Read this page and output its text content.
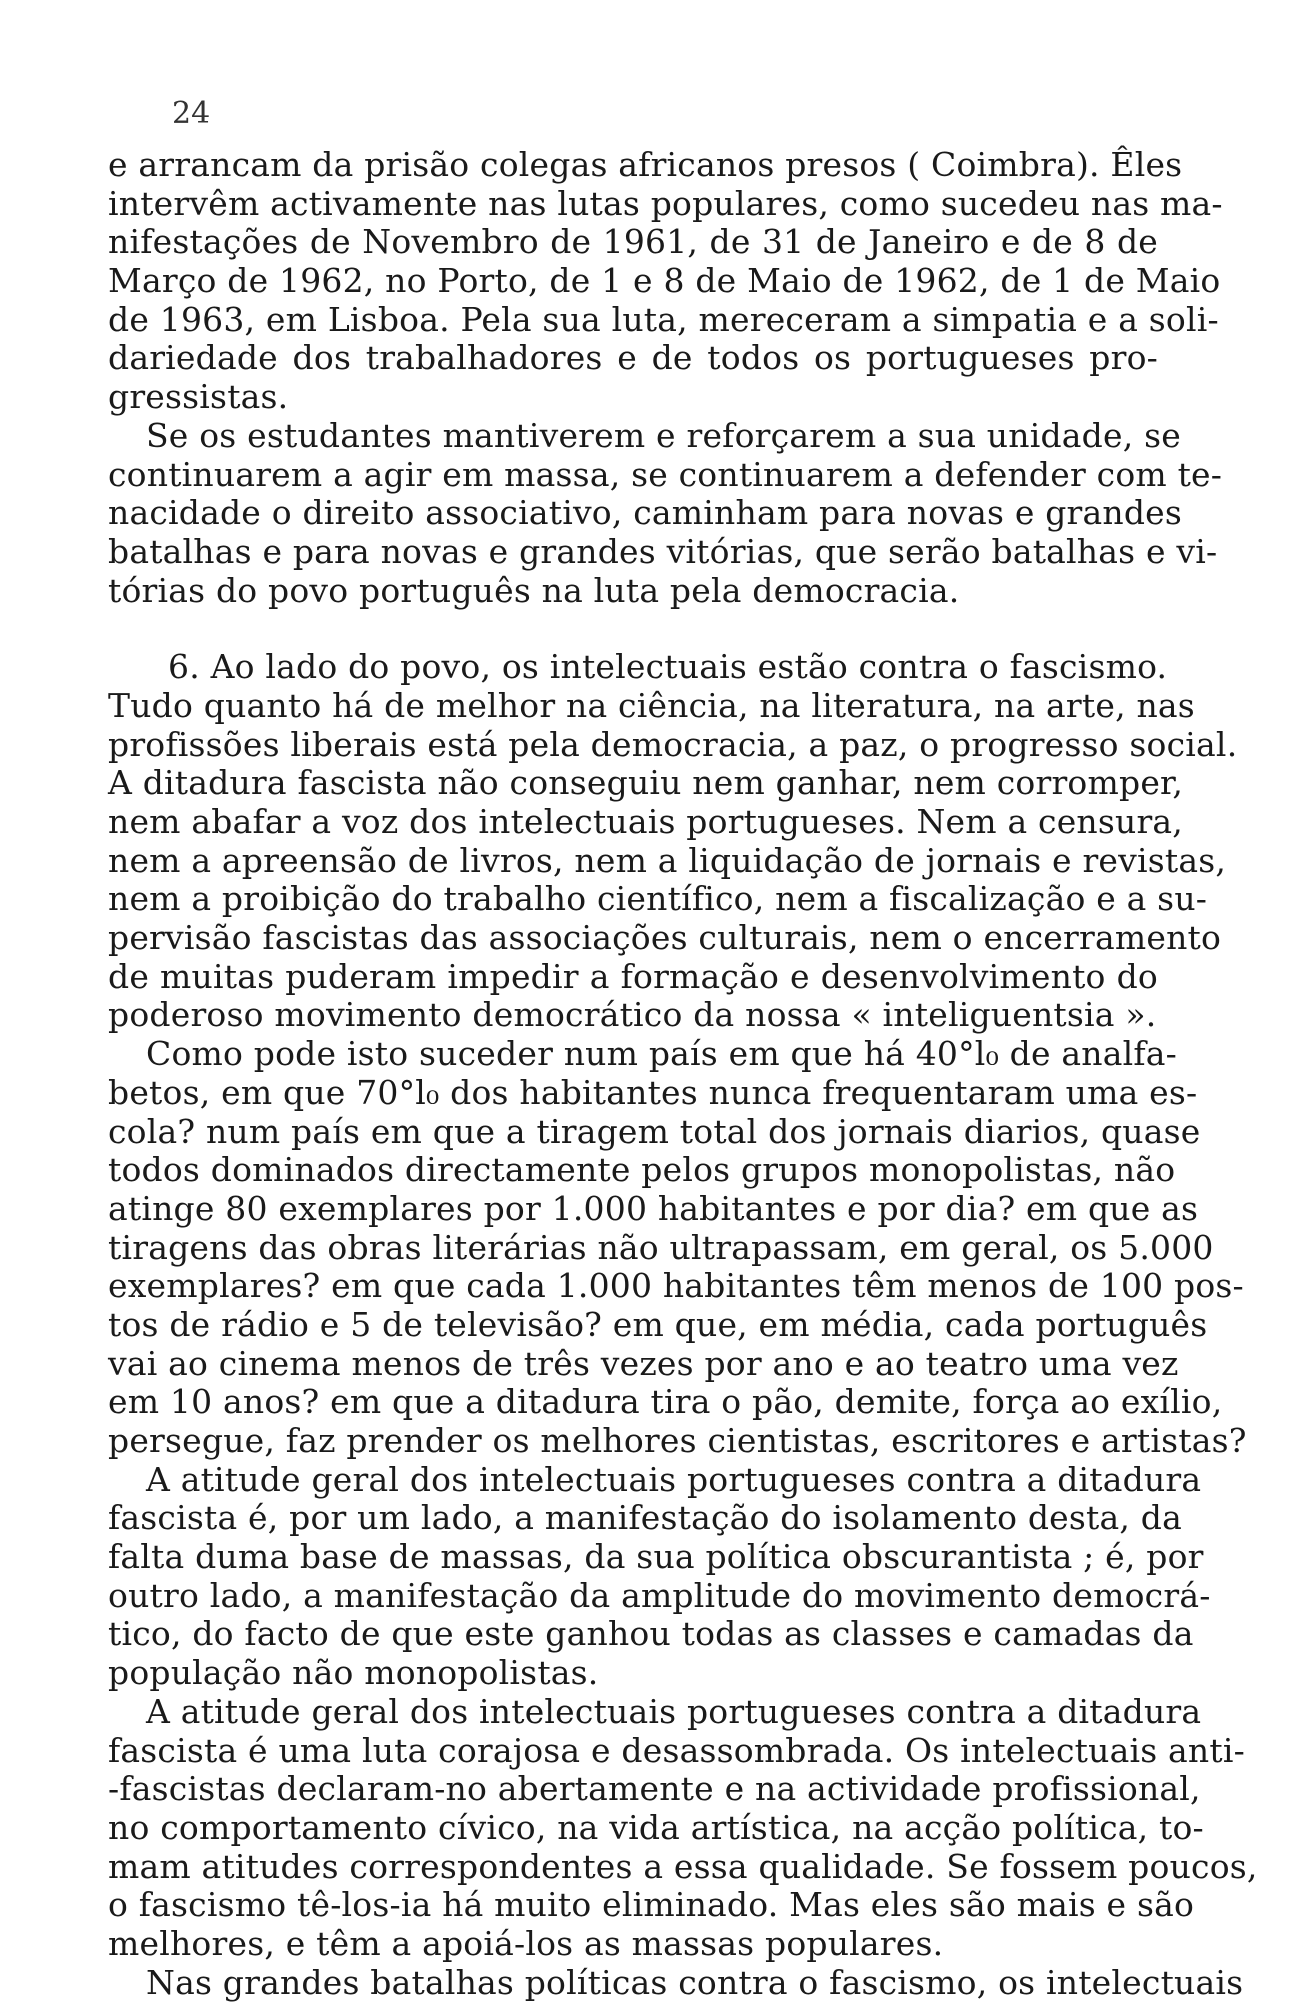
24
e arrancam da prisão colegas africanos presos ( Coimbra). Êles
intervêm activamente nas lutas populares, como sucedeu nas ma-
nifestações de Novembro de 1961, de 31 de Janeiro e de 8 de
Março de 1962, no Porto, de 1 e 8 de Maio de 1962, de 1 de Maio
de 1963, em Lisboa. Pela sua luta, mereceram a simpatia e a soli-
dariedade dos trabalhadores e de todos os portugueses pro-
gressistas.
Se os estudantes mantiverem e reforçarem a sua unidade, se
continuarem a agir em massa, se continuarem a defender com te-
nacidade o direito associativo, caminham para novas e grandes
batalhas e para novas e grandes vitórias, que serão batalhas e vi-
tórias do povo português na luta pela democracia.
6. Ao lado do povo, os intelectuais estão contra o fascismo.
Tudo quanto há de melhor na ciência, na literatura, na arte, nas
profissões liberais está pela democracia, a paz, o progresso social.
A ditadura fascista não conseguiu nem ganhar, nem corromper,
nem abafar a voz dos intelectuais portugueses. Nem a censura,
nem a apreensão de livros, nem a liquidação de jornais e revistas,
nem a proibição do trabalho científico, nem a fiscalização e a su-
pervisão fascistas das associações culturais, nem o encerramento
de muitas puderam impedir a formação e desenvolvimento do
poderoso movimento democrático da nossa « inteliguentsia ».
Como pode isto suceder num país em que há 40°l₀ de analfa-
betos, em que 70°l₀ dos habitantes nunca frequentaram uma es-
cola? num país em que a tiragem total dos jornais diarios, quase
todos dominados directamente pelos grupos monopolistas, não
atinge 80 exemplares por 1.000 habitantes e por dia? em que as
tiragens das obras literárias não ultrapassam, em geral, os 5.000
exemplares? em que cada 1.000 habitantes têm menos de 100 pos-
tos de rádio e 5 de televisão? em que, em média, cada português
vai ao cinema menos de três vezes por ano e ao teatro uma vez
em 10 anos? em que a ditadura tira o pão, demite, força ao exílio,
persegue, faz prender os melhores cientistas, escritores e artistas?
A atitude geral dos intelectuais portugueses contra a ditadura
fascista é, por um lado, a manifestação do isolamento desta, da
falta duma base de massas, da sua política obscurantista ; é, por
outro lado, a manifestação da amplitude do movimento democrá-
tico, do facto de que este ganhou todas as classes e camadas da
população não monopolistas.
A atitude geral dos intelectuais portugueses contra a ditadura
fascista é uma luta corajosa e desassombrada. Os intelectuais anti-
-fascistas declaram-no abertamente e na actividade profissional,
no comportamento cívico, na vida artística, na acção política, to-
mam atitudes correspondentes a essa qualidade. Se fossem poucos,
o fascismo tê-los-ia há muito eliminado. Mas eles são mais e são
melhores, e têm a apoiá-los as massas populares.
Nas grandes batalhas políticas contra o fascismo, os intelectuais
